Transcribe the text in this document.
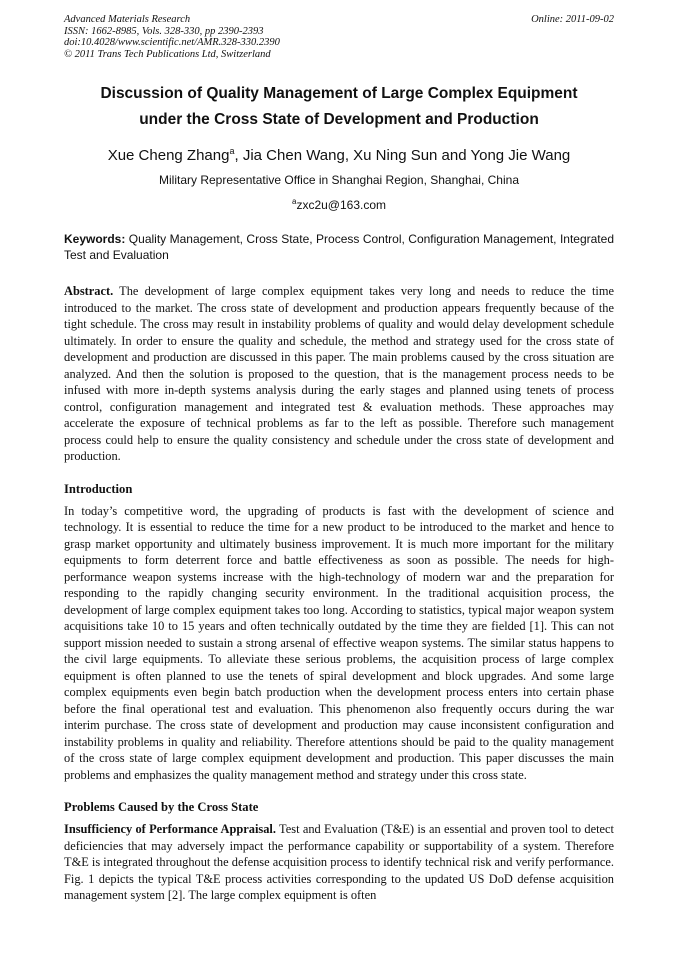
Advanced Materials Research
ISSN: 1662-8985, Vols. 328-330, pp 2390-2393
doi:10.4028/www.scientific.net/AMR.328-330.2390
© 2011 Trans Tech Publications Ltd, Switzerland
Online: 2011-09-02
Discussion of Quality Management of Large Complex Equipment
under the Cross State of Development and Production
Xue Cheng Zhang$^a$, Jia Chen Wang, Xu Ning Sun and Yong Jie Wang
Military Representative Office in Shanghai Region, Shanghai, China
$^a$zxc2u@163.com
Keywords: Quality Management, Cross State, Process Control, Configuration Management, Integrated Test and Evaluation
Abstract. The development of large complex equipment takes very long and needs to reduce the time introduced to the market. The cross state of development and production appears frequently because of the tight schedule. The cross may result in instability problems of quality and would delay development schedule ultimately. In order to ensure the quality and schedule, the method and strategy used for the cross state of development and production are discussed in this paper. The main problems caused by the cross situation are analyzed. And then the solution is proposed to the question, that is the management process needs to be infused with more in-depth systems analysis during the early stages and planned using tenets of process control, configuration management and integrated test & evaluation methods. These approaches may accelerate the exposure of technical problems as far to the left as possible. Therefore such management process could help to ensure the quality consistency and schedule under the cross state of development and production.
Introduction
In today’s competitive word, the upgrading of products is fast with the development of science and technology. It is essential to reduce the time for a new product to be introduced to the market and hence to grasp market opportunity and ultimately business improvement. It is much more important for the military equipments to form deterrent force and battle effectiveness as soon as possible. The needs for high-performance weapon systems increase with the high-technology of modern war and the preparation for responding to the rapidly changing security environment. In the traditional acquisition process, the development of large complex equipment takes too long. According to statistics, typical major weapon system acquisitions take 10 to 15 years and often technically outdated by the time they are fielded [1]. This can not support mission needed to sustain a strong arsenal of effective weapon systems. The similar status happens to the civil large equipments. To alleviate these serious problems, the acquisition process of large complex equipment is often planned to use the tenets of spiral development and block upgrades. And some large complex equipments even begin batch production when the development process enters into certain phase before the final operational test and evaluation. This phenomenon also frequently occurs during the war interim purchase. The cross state of development and production may cause inconsistent configuration and instability problems in quality and reliability. Therefore attentions should be paid to the quality management of the cross state of large complex equipment development and production. This paper discusses the main problems and emphasizes the quality management method and strategy under this cross state.
Problems Caused by the Cross State
Insufficiency of Performance Appraisal. Test and Evaluation (T&E) is an essential and proven tool to detect deficiencies that may adversely impact the performance capability or supportability of a system. Therefore T&E is integrated throughout the defense acquisition process to identify technical risk and verify performance. Fig. 1 depicts the typical T&E process activities corresponding to the updated US DoD defense acquisition management system [2]. The large complex equipment is often
